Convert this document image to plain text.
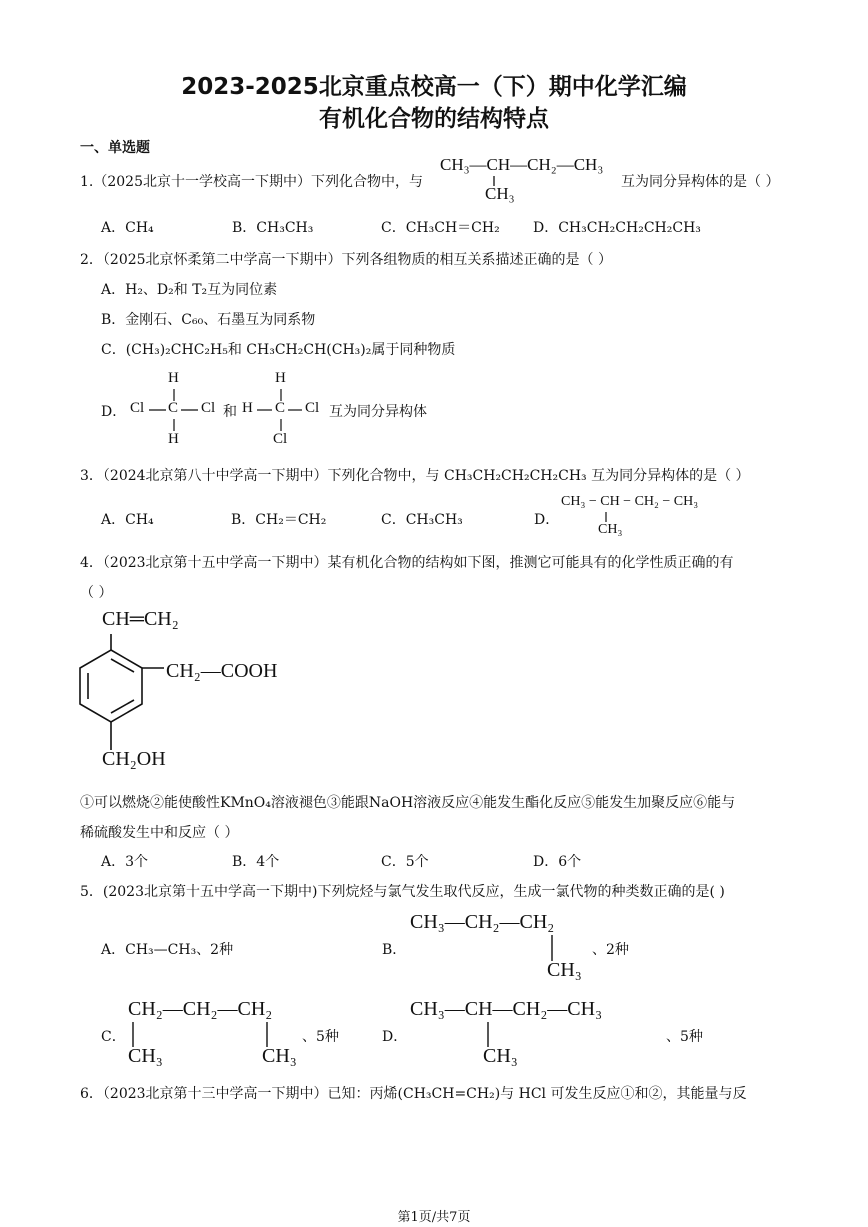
2023-2025北京重点校高一（下）期中化学汇编
有机化合物的结构特点
一、单选题
1.（2025北京十一学校高一下期中）下列化合物中，与
CH₃—CH—CH₂—CH₃
CH₃
互为同分异构体的是（ ）
A．CH₄	B．CH₃CH₃	C．CH₃CH＝CH₂ D．CH₃CH₂CH₂CH₂CH₃
2．（2025北京怀柔第二中学高一下期中）下列各组物质的相互关系描述正确的是（ ）
A．H₂、D₂和 T₂互为同位素
B．金刚石、C₆₀、石墨互为同系物
C．(CH₃)₂CHC₂H₅和 CH₃CH₂CH(CH₃)₂属于同种物质
D．
H
Cl C Cl
H
和
H
H C Cl
Cl
互为同分异构体
3．（2024北京第八十中学高一下期中）下列化合物中，与 CH₃CH₂CH₂CH₂CH₃ 互为同分异构体的是（ ）
A．CH₄	B．CH₂＝CH₂	C．CH₃CH₃	D．
CH₃ − CH − CH₂ − CH₃
CH₃
4．（2023北京第十五中学高一下期中）某有机化合物的结构如下图，推测它可能具有的化学性质正确的有
（ ）
CH═CH₂
CH₂—COOH
CH₂OH
①可以燃烧②能使酸性KMnO₄溶液褪色③能跟NaOH溶液反应④能发生酯化反应⑤能发生加聚反应⑥能与
稀硫酸发生中和反应（ ）
A．3个	B．4个	C．5个	D．6个
5．(2023北京第十五中学高一下期中)下列烷烃与氯气发生取代反应，生成一氯代物的种类数正确的是( )
A．CH₃—CH₃、2种	B．
CH₃—CH₂—CH₂
CH₃
、2种
C．
CH₂—CH₂—CH₂
CH₃	CH₃
、5种	D．
CH₃—CH—CH₂—CH₃
CH₃
、5种
6．（2023北京第十三中学高一下期中）已知：丙烯(CH₃CH=CH₂)与 HCl 可发生反应①和②，其能量与反
第1页/共7页
